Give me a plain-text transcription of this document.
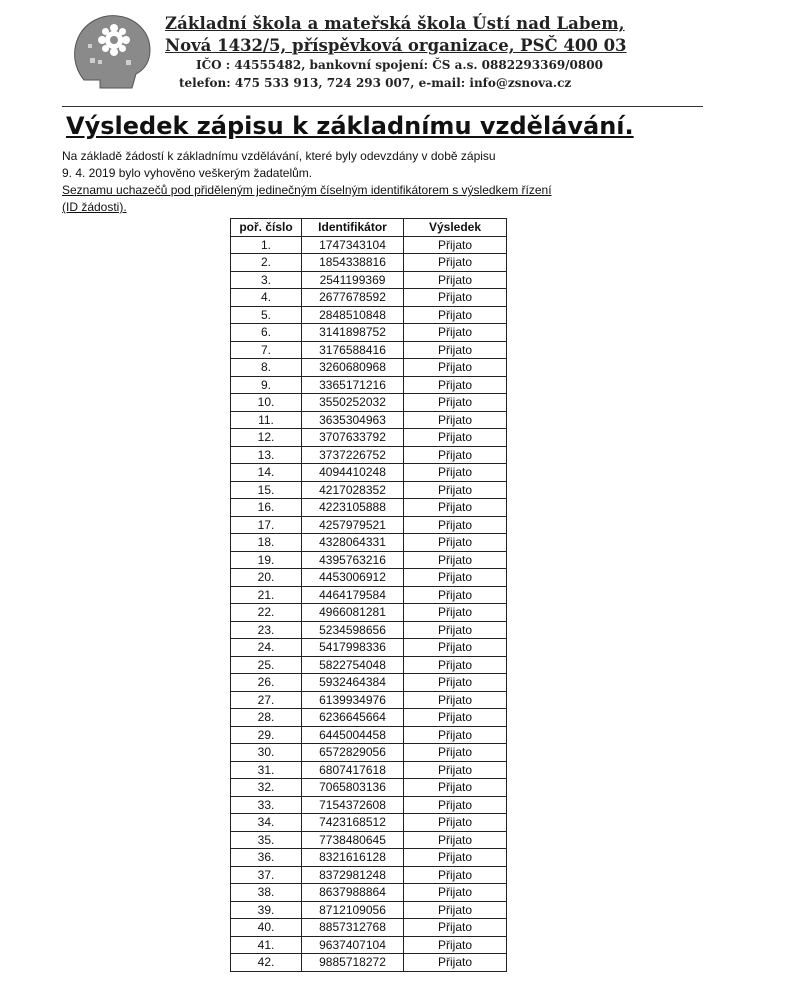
Základní škola a mateřská škola Ústí nad Labem,
Nová 1432/5, příspěvková organizace, PSČ 400 03
IČO : 44555482, bankovní spojení: ČS a.s. 0882293369/0800
telefon: 475 533 913, 724 293 007, e-mail: info@zsnova.cz
Výsledek zápisu k základnímu vzdělávání.
Na základě žádostí k základnímu vzdělávání, které byly odevzdány v době zápisu
9. 4. 2019 bylo vyhověno veškerým žadatelům.
Seznamu uchazečů pod přiděleným jedinečným číselným identifikátorem s výsledkem řízení
(ID žádosti).
poř. číslo	Identifikátor	Výsledek
1.	1747343104	Přijato
2.	1854338816	Přijato
3.	2541199369	Přijato
4.	2677678592	Přijato
5.	2848510848	Přijato
6.	3141898752	Přijato
7.	3176588416	Přijato
8.	3260680968	Přijato
9.	3365171216	Přijato
10.	3550252032	Přijato
11.	3635304963	Přijato
12.	3707633792	Přijato
13.	3737226752	Přijato
14.	4094410248	Přijato
15.	4217028352	Přijato
16.	4223105888	Přijato
17.	4257979521	Přijato
18.	4328064331	Přijato
19.	4395763216	Přijato
20.	4453006912	Přijato
21.	4464179584	Přijato
22.	4966081281	Přijato
23.	5234598656	Přijato
24.	5417998336	Přijato
25.	5822754048	Přijato
26.	5932464384	Přijato
27.	6139934976	Přijato
28.	6236645664	Přijato
29.	6445004458	Přijato
30.	6572829056	Přijato
31.	6807417618	Přijato
32.	7065803136	Přijato
33.	7154372608	Přijato
34.	7423168512	Přijato
35.	7738480645	Přijato
36.	8321616128	Přijato
37.	8372981248	Přijato
38.	8637988864	Přijato
39.	8712109056	Přijato
40.	8857312768	Přijato
41.	9637407104	Přijato
42.	9885718272	Přijato
